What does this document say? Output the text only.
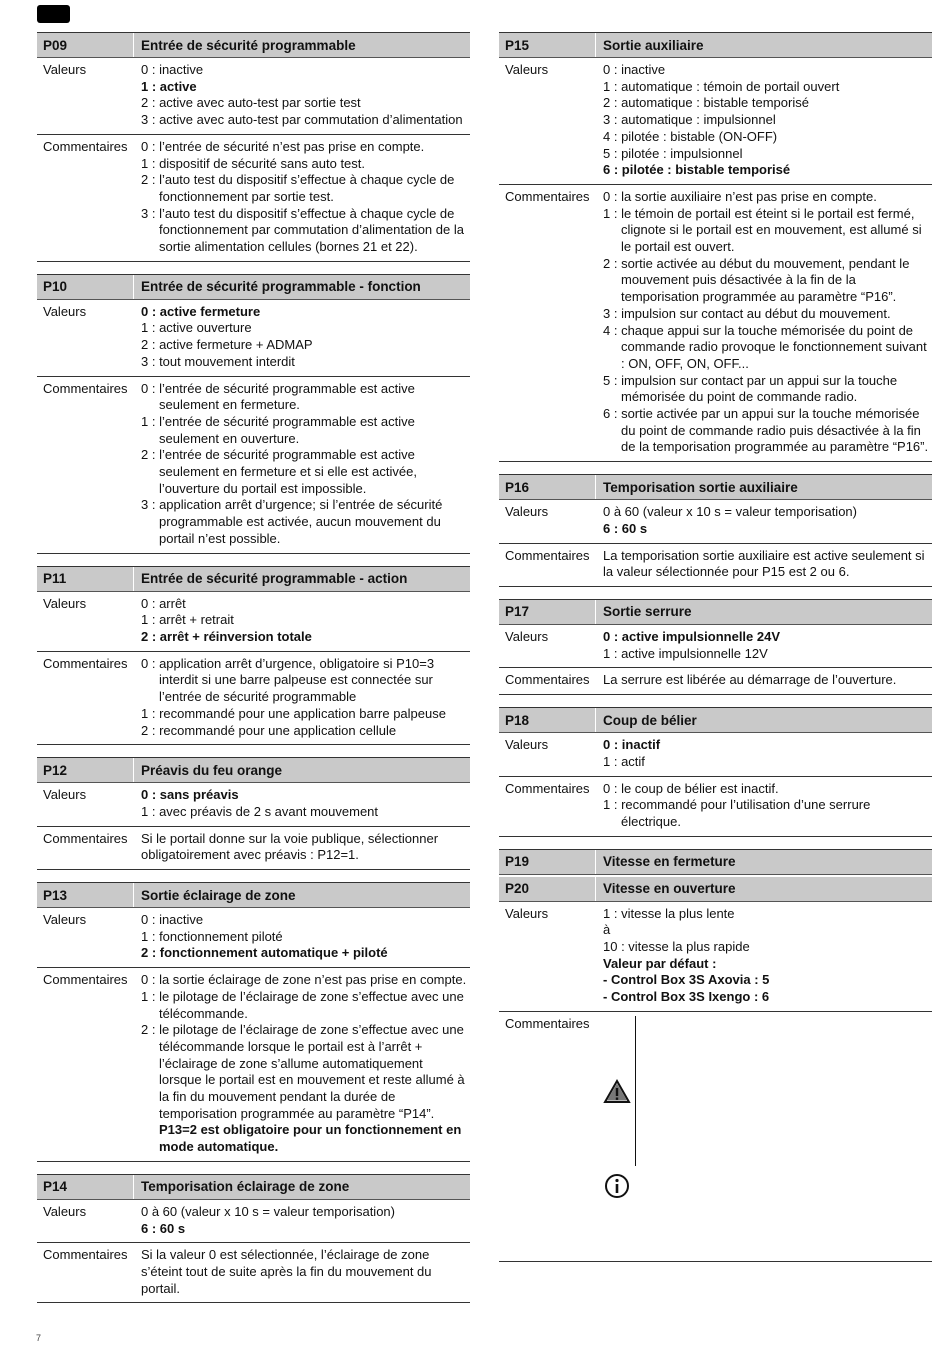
P09	Entrée de sécurité programmable
Valeurs	0 : inactive
1 : active
2 : active avec auto-test par sortie test
3 : active avec auto-test par commutation d’alimentation
Commentaires	0 : l’entrée de sécurité n’est pas prise en compte.
1 : dispositif de sécurité sans auto test.
2 : l’auto test du dispositif s’effectue à chaque cycle de fonctionnement par sortie test.
3 : l’auto test du dispositif s’effectue à chaque cycle de fonctionnement par commutation d’alimentation de la sortie alimentation cellules (bornes 21 et 22).
P10	Entrée de sécurité programmable - fonction
Valeurs	0 : active fermeture
1 : active ouverture
2 : active fermeture + ADMAP
3 : tout mouvement interdit
Commentaires	0 : l’entrée de sécurité programmable est active seulement en fermeture.
1 : l’entrée de sécurité programmable est active seulement en ouverture.
2 : l’entrée de sécurité programmable est active seulement en fermeture et si elle est activée, l’ouverture du portail est impossible.
3 : application arrêt d’urgence; si l’entrée de sécurité programmable est activée, aucun mouvement du portail n’est possible.
P11	Entrée de sécurité programmable - action
Valeurs	0 : arrêt
1 : arrêt + retrait
2 : arrêt + réinversion totale
Commentaires	0 : application arrêt d’urgence, obligatoire si P10=3 interdit si une barre palpeuse est connectée sur l’entrée de sécurité programmable
1 : recommandé pour une application barre palpeuse
2 : recommandé pour une application cellule
P12	Préavis du feu orange
Valeurs	0 : sans préavis
1 : avec préavis de 2 s avant mouvement
Commentaires	Si le portail donne sur la voie publique, sélectionner obligatoirement avec préavis : P12=1.
P13	Sortie éclairage de zone
Valeurs	0 : inactive
1 : fonctionnement piloté
2 : fonctionnement automatique + piloté
Commentaires	0 : la sortie éclairage de zone n’est pas prise en compte.
1 : le pilotage de l’éclairage de zone s’effectue avec une télécommande.
2 : le pilotage de l’éclairage de zone s’effectue avec une télécommande lorsque le portail est à l’arrêt + l’éclairage de zone s’allume automatiquement lorsque le portail est en mouvement et reste allumé à la fin du mouvement pendant la durée de temporisation programmée au paramètre “P14”.
P13=2 est obligatoire pour un fonctionnement en mode automatique.
P14	Temporisation éclairage de zone
Valeurs	0 à 60 (valeur x 10 s = valeur temporisation)
6 : 60 s
Commentaires	Si la valeur 0 est sélectionnée, l’éclairage de zone s’éteint tout de suite après la fin du mouvement du portail.
P15	Sortie auxiliaire
Valeurs	0 : inactive
1 : automatique : témoin de portail ouvert
2 : automatique : bistable temporisé
3 : automatique : impulsionnel
4 : pilotée : bistable (ON-OFF)
5 : pilotée : impulsionnel
6 : pilotée : bistable temporisé
Commentaires	0 : la sortie auxiliaire n’est pas prise en compte.
1 : le témoin de portail est éteint si le portail est fermé, clignote si le portail est en mouvement, est allumé si le portail est ouvert.
2 : sortie activée au début du mouvement, pendant le mouvement puis désactivée à la fin de la temporisation programmée au paramètre “P16”.
3 : impulsion sur contact au début du mouvement.
4 : chaque appui sur la touche mémorisée du point de commande radio provoque le fonctionnement suivant : ON, OFF, ON, OFF...
5 : impulsion sur contact par un appui sur la touche mémorisée du point de commande radio.
6 : sortie activée par un appui sur la touche mémorisée du point de commande radio puis désactivée à la fin de la temporisation programmée au paramètre “P16”.
P16	Temporisation sortie auxiliaire
Valeurs	0 à 60 (valeur x 10 s = valeur temporisation)
6 : 60 s
Commentaires	La temporisation sortie auxiliaire est active seulement si la valeur sélectionnée pour P15 est 2 ou 6.
P17	Sortie serrure
Valeurs	0 : active impulsionnelle 24V
1 : active impulsionnelle 12V
Commentaires	La serrure est libérée au démarrage de l’ouverture.
P18	Coup de bélier
Valeurs	0 : inactif
1 : actif
Commentaires	0 : le coup de bélier est inactif.
1 : recommandé pour l’utilisation d’une serrure électrique.
P19	Vitesse en fermeture
P20	Vitesse en ouverture
Valeurs	1 : vitesse la plus lente
à
10 : vitesse la plus rapide
Valeur par défaut :
- Control Box 3S Axovia : 5
- Control Box 3S Ixengo : 6
Commentaires
7
